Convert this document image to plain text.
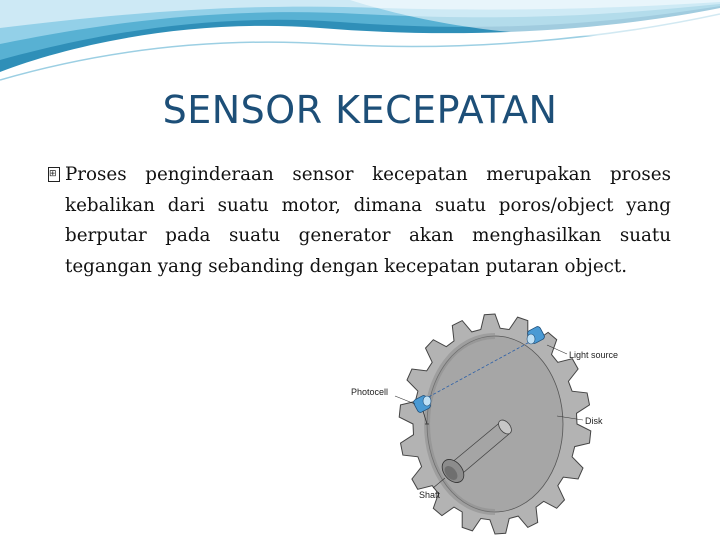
SENSOR KECEPATAN

⊞ Proses penginderaan sensor kecepatan merupakan proses kebalikan dari suatu motor, dimana suatu poros/object yang berputar pada suatu generator akan menghasilkan suatu tegangan yang sebanding dengan kecepatan putaran object.

Light source
Photocell
Disk
Shaft
